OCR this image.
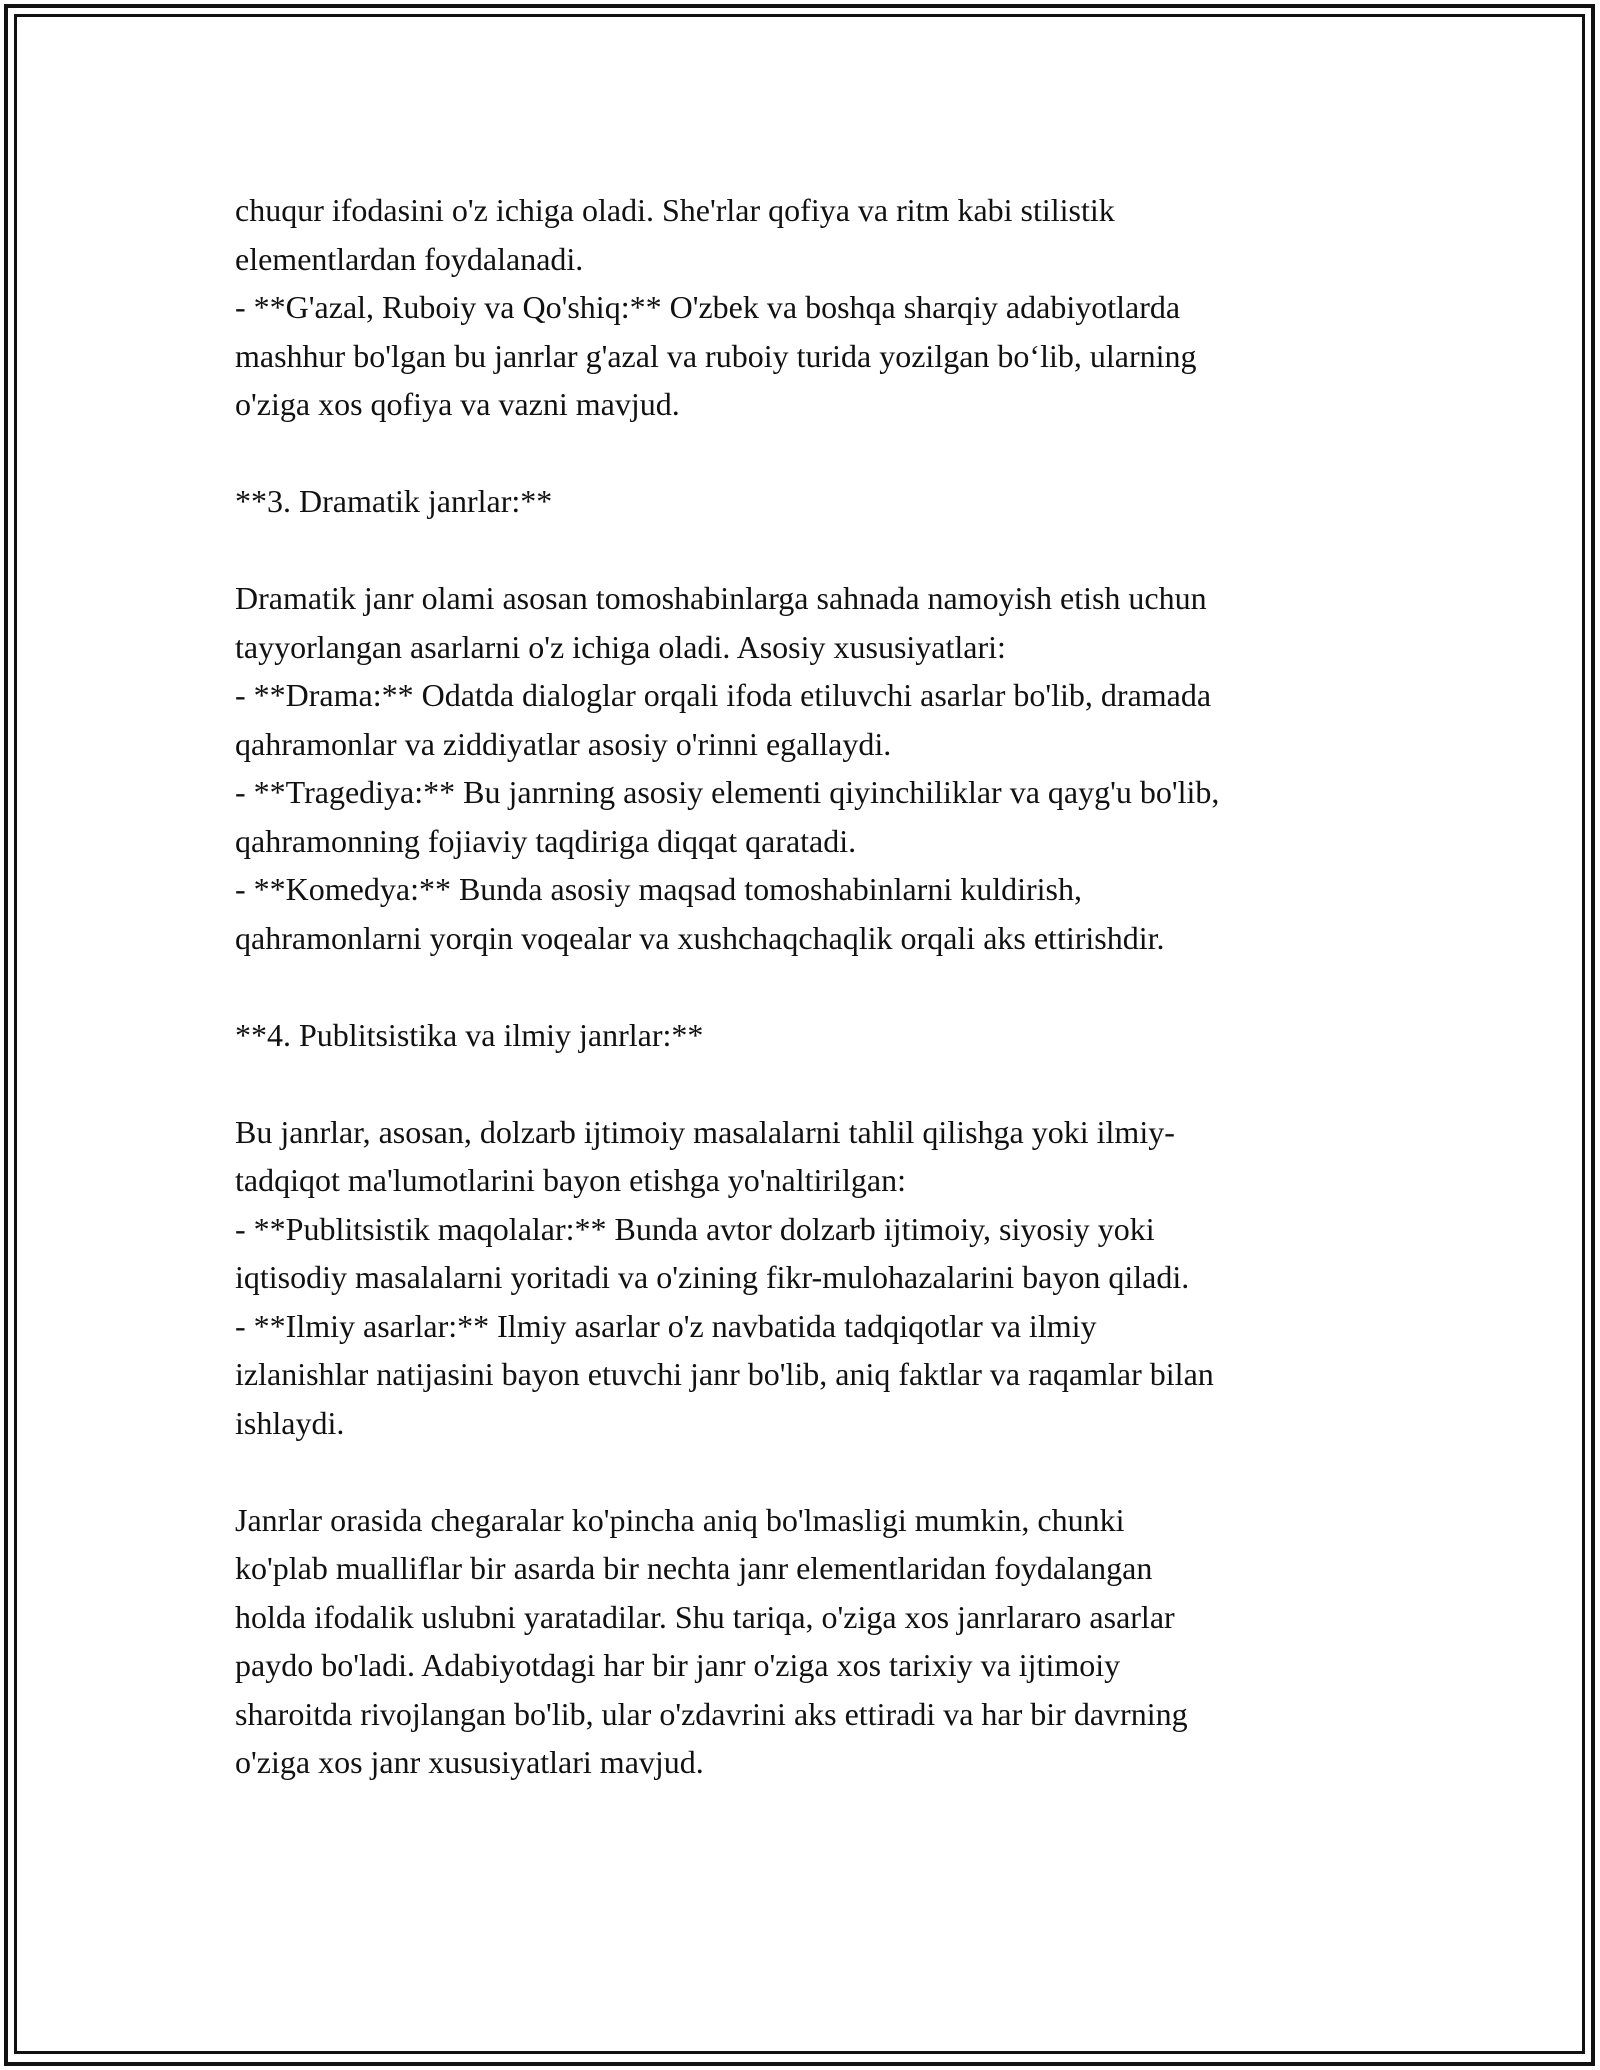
chuqur ifodasini o'z ichiga oladi. She'rlar qofiya va ritm kabi stilistik

elementlardan foydalanadi.

- **G'azal, Ruboiy va Qo'shiq:** O'zbek va boshqa sharqiy adabiyotlarda

mashhur bo'lgan bu janrlar g'azal va ruboiy turida yozilgan bo‘lib, ularning

o'ziga xos qofiya va vazni mavjud.

**3. Dramatik janrlar:**

Dramatik janr olami asosan tomoshabinlarga sahnada namoyish etish uchun

tayyorlangan asarlarni o'z ichiga oladi. Asosiy xususiyatlari:

- **Drama:** Odatda dialoglar orqali ifoda etiluvchi asarlar bo'lib, dramada

qahramonlar va ziddiyatlar asosiy o'rinni egallaydi.

- **Tragediya:** Bu janrning asosiy elementi qiyinchiliklar va qayg'u bo'lib,

qahramonning fojiaviy taqdiriga diqqat qaratadi.

- **Komedya:** Bunda asosiy maqsad tomoshabinlarni kuldirish,

qahramonlarni yorqin voqealar va xushchaqchaqlik orqali aks ettirishdir.

**4. Publitsistika va ilmiy janrlar:**

Bu janrlar, asosan, dolzarb ijtimoiy masalalarni tahlil qilishga yoki ilmiy-

tadqiqot ma'lumotlarini bayon etishga yo'naltirilgan:

- **Publitsistik maqolalar:** Bunda avtor dolzarb ijtimoiy, siyosiy yoki

iqtisodiy masalalarni yoritadi va o'zining fikr-mulohazalarini bayon qiladi.

- **Ilmiy asarlar:** Ilmiy asarlar o'z navbatida tadqiqotlar va ilmiy

izlanishlar natijasini bayon etuvchi janr bo'lib, aniq faktlar va raqamlar bilan

ishlaydi.

Janrlar orasida chegaralar ko'pincha aniq bo'lmasligi mumkin, chunki

ko'plab mualliflar bir asarda bir nechta janr elementlaridan foydalangan

holda ifodalik uslubni yaratadilar. Shu tariqa, o'ziga xos janrlararo asarlar

paydo bo'ladi. Adabiyotdagi har bir janr o'ziga xos tarixiy va ijtimoiy

sharoitda rivojlangan bo'lib, ular o'zdavrini aks ettiradi va har bir davrning

o'ziga xos janr xususiyatlari mavjud.
